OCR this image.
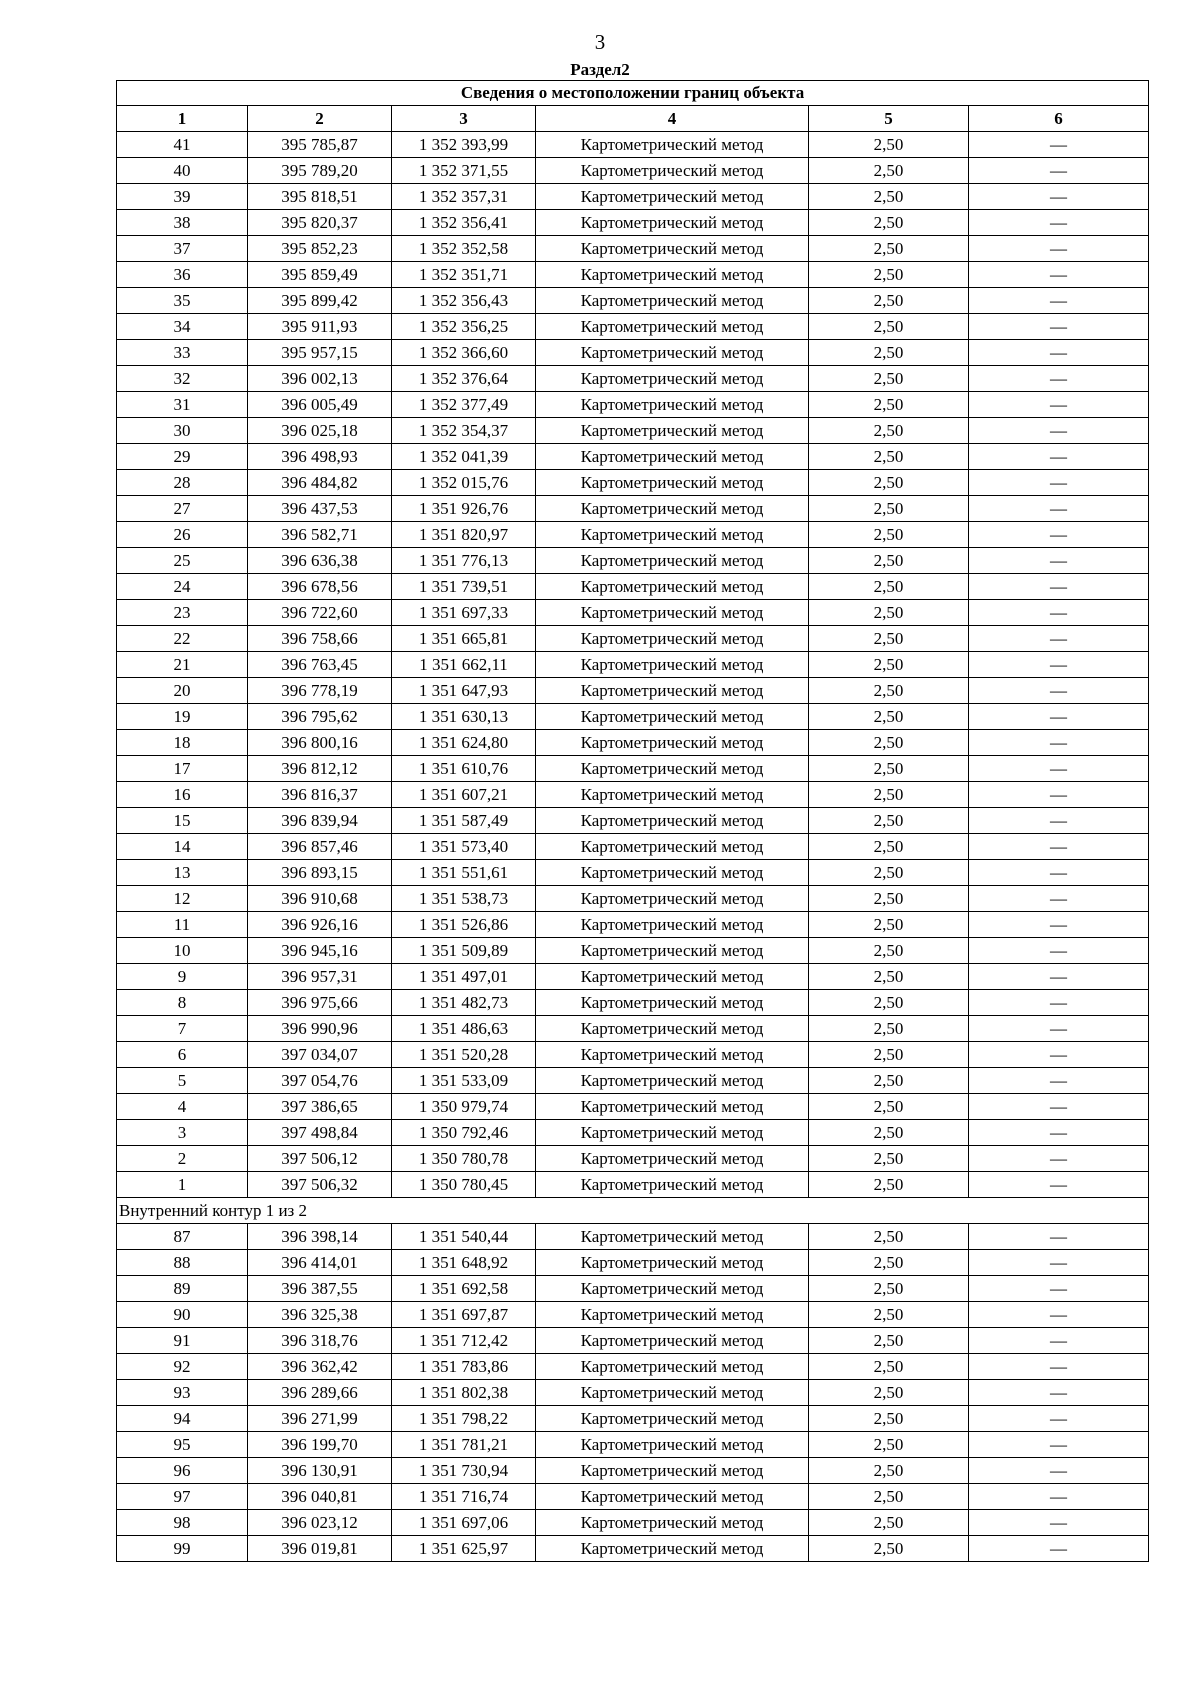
3
Раздел2
Сведения о местоположении границ объекта					
1	2	3	4	5	6
41	395 785,87	1 352 393,99	Картометрический метод	2,50	—
40	395 789,20	1 352 371,55	Картометрический метод	2,50	—
39	395 818,51	1 352 357,31	Картометрический метод	2,50	—
38	395 820,37	1 352 356,41	Картометрический метод	2,50	—
37	395 852,23	1 352 352,58	Картометрический метод	2,50	—
36	395 859,49	1 352 351,71	Картометрический метод	2,50	—
35	395 899,42	1 352 356,43	Картометрический метод	2,50	—
34	395 911,93	1 352 356,25	Картометрический метод	2,50	—
33	395 957,15	1 352 366,60	Картометрический метод	2,50	—
32	396 002,13	1 352 376,64	Картометрический метод	2,50	—
31	396 005,49	1 352 377,49	Картометрический метод	2,50	—
30	396 025,18	1 352 354,37	Картометрический метод	2,50	—
29	396 498,93	1 352 041,39	Картометрический метод	2,50	—
28	396 484,82	1 352 015,76	Картометрический метод	2,50	—
27	396 437,53	1 351 926,76	Картометрический метод	2,50	—
26	396 582,71	1 351 820,97	Картометрический метод	2,50	—
25	396 636,38	1 351 776,13	Картометрический метод	2,50	—
24	396 678,56	1 351 739,51	Картометрический метод	2,50	—
23	396 722,60	1 351 697,33	Картометрический метод	2,50	—
22	396 758,66	1 351 665,81	Картометрический метод	2,50	—
21	396 763,45	1 351 662,11	Картометрический метод	2,50	—
20	396 778,19	1 351 647,93	Картометрический метод	2,50	—
19	396 795,62	1 351 630,13	Картометрический метод	2,50	—
18	396 800,16	1 351 624,80	Картометрический метод	2,50	—
17	396 812,12	1 351 610,76	Картометрический метод	2,50	—
16	396 816,37	1 351 607,21	Картометрический метод	2,50	—
15	396 839,94	1 351 587,49	Картометрический метод	2,50	—
14	396 857,46	1 351 573,40	Картометрический метод	2,50	—
13	396 893,15	1 351 551,61	Картометрический метод	2,50	—
12	396 910,68	1 351 538,73	Картометрический метод	2,50	—
11	396 926,16	1 351 526,86	Картометрический метод	2,50	—
10	396 945,16	1 351 509,89	Картометрический метод	2,50	—
9	396 957,31	1 351 497,01	Картометрический метод	2,50	—
8	396 975,66	1 351 482,73	Картометрический метод	2,50	—
7	396 990,96	1 351 486,63	Картометрический метод	2,50	—
6	397 034,07	1 351 520,28	Картометрический метод	2,50	—
5	397 054,76	1 351 533,09	Картометрический метод	2,50	—
4	397 386,65	1 350 979,74	Картометрический метод	2,50	—
3	397 498,84	1 350 792,46	Картометрический метод	2,50	—
2	397 506,12	1 350 780,78	Картометрический метод	2,50	—
1	397 506,32	1 350 780,45	Картометрический метод	2,50	—
Внутренний контур 1 из 2					
87	396 398,14	1 351 540,44	Картометрический метод	2,50	—
88	396 414,01	1 351 648,92	Картометрический метод	2,50	—
89	396 387,55	1 351 692,58	Картометрический метод	2,50	—
90	396 325,38	1 351 697,87	Картометрический метод	2,50	—
91	396 318,76	1 351 712,42	Картометрический метод	2,50	—
92	396 362,42	1 351 783,86	Картометрический метод	2,50	—
93	396 289,66	1 351 802,38	Картометрический метод	2,50	—
94	396 271,99	1 351 798,22	Картометрический метод	2,50	—
95	396 199,70	1 351 781,21	Картометрический метод	2,50	—
96	396 130,91	1 351 730,94	Картометрический метод	2,50	—
97	396 040,81	1 351 716,74	Картометрический метод	2,50	—
98	396 023,12	1 351 697,06	Картометрический метод	2,50	—
99	396 019,81	1 351 625,97	Картометрический метод	2,50	—
